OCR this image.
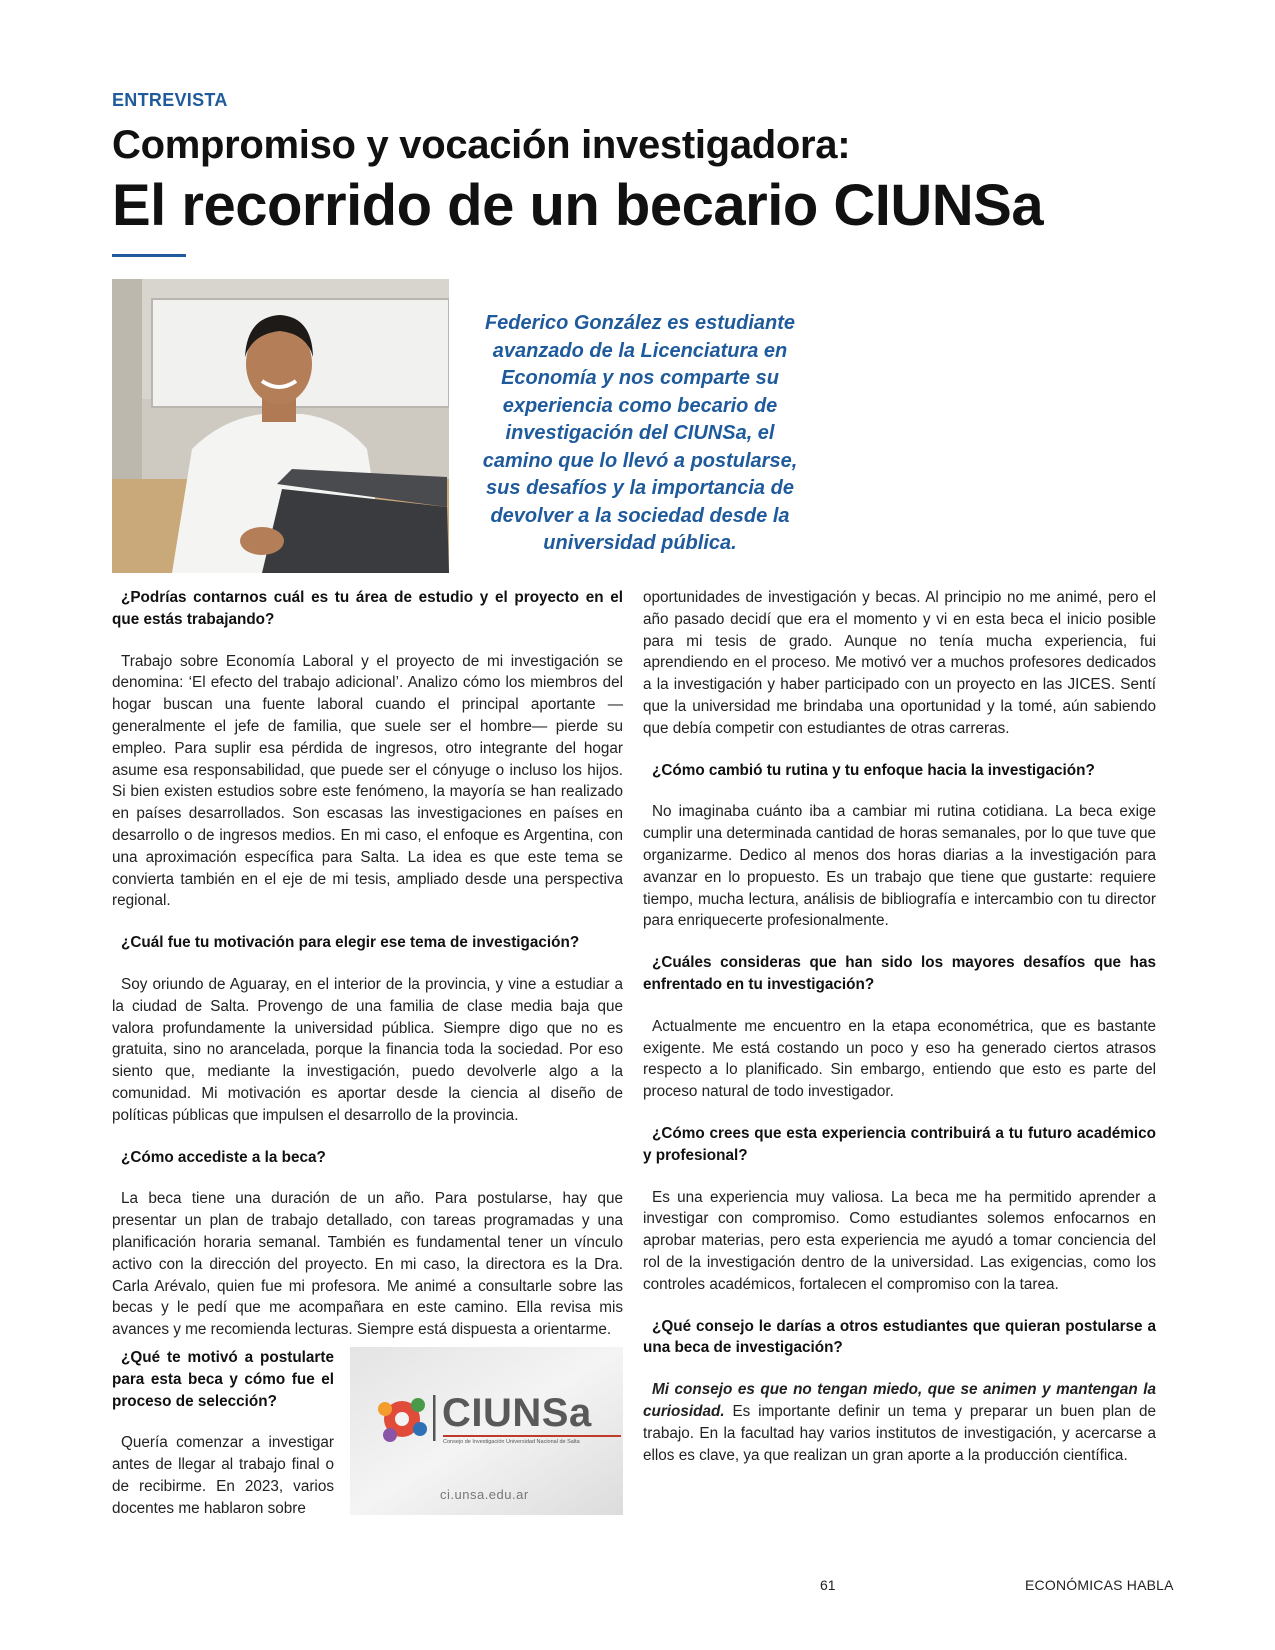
ENTREVISTA
Compromiso y vocación investigadora:
El recorrido de un becario CIUNSa
Federico González es estudiante avanzado de la Licenciatura en Economía y nos comparte su experiencia como becario de investigación del CIUNSa, el camino que lo llevó a postularse, sus desafíos y la importancia de devolver a la sociedad desde la universidad pública.

¿Podrías contarnos cuál es tu área de estudio y el proyecto en el que estás trabajando?

Trabajo sobre Economía Laboral y el proyecto de mi investigación se denomina: ‘El efecto del trabajo adicional’. Analizo cómo los miembros del hogar buscan una fuente laboral cuando el principal aportante —generalmente el jefe de familia, que suele ser el hombre— pierde su empleo. Para suplir esa pérdida de ingresos, otro integrante del hogar asume esa responsabilidad, que puede ser el cónyuge o incluso los hijos. Si bien existen estudios sobre este fenómeno, la mayoría se han realizado en países desarrollados. Son escasas las investigaciones en países en desarrollo o de ingresos medios. En mi caso, el enfoque es Argentina, con una aproximación específica para Salta. La idea es que este tema se convierta también en el eje de mi tesis, ampliado desde una perspectiva regional.

¿Cuál fue tu motivación para elegir ese tema de investigación?

Soy oriundo de Aguaray, en el interior de la provincia, y vine a estudiar a la ciudad de Salta. Provengo de una familia de clase media baja que valora profundamente la universidad pública. Siempre digo que no es gratuita, sino no arancelada, porque la financia toda la sociedad. Por eso siento que, mediante la investigación, puedo devolverle algo a la comunidad. Mi motivación es aportar desde la ciencia al diseño de políticas públicas que impulsen el desarrollo de la provincia.

¿Cómo accediste a la beca?

La beca tiene una duración de un año. Para postularse, hay que presentar un plan de trabajo detallado, con tareas programadas y una planificación horaria semanal. También es fundamental tener un vínculo activo con la dirección del proyecto. En mi caso, la directora es la Dra. Carla Arévalo, quien fue mi profesora. Me animé a consultarle sobre las becas y le pedí que me acompañara en este camino. Ella revisa mis avances y me recomienda lecturas. Siempre está dispuesta a orientarme.

¿Qué te motivó a postularte para esta beca y cómo fue el proceso de selección?

Quería comenzar a investigar antes de llegar al trabajo final o de recibirme. En 2023, varios docentes me hablaron sobre

CIUNSa
Consejo de Investigación Universidad Nacional de Salta
ci.unsa.edu.ar

oportunidades de investigación y becas. Al principio no me animé, pero el año pasado decidí que era el momento y vi en esta beca el inicio posible para mi tesis de grado. Aunque no tenía mucha experiencia, fui aprendiendo en el proceso. Me motivó ver a muchos profesores dedicados a la investigación y haber participado con un proyecto en las JICES. Sentí que la universidad me brindaba una oportunidad y la tomé, aún sabiendo que debía competir con estudiantes de otras carreras.

¿Cómo cambió tu rutina y tu enfoque hacia la investigación?

No imaginaba cuánto iba a cambiar mi rutina cotidiana. La beca exige cumplir una determinada cantidad de horas semanales, por lo que tuve que organizarme. Dedico al menos dos horas diarias a la investigación para avanzar en lo propuesto. Es un trabajo que tiene que gustarte: requiere tiempo, mucha lectura, análisis de bibliografía e intercambio con tu director para enriquecerte profesionalmente.

¿Cuáles consideras que han sido los mayores desafíos que has enfrentado en tu investigación?

Actualmente me encuentro en la etapa econométrica, que es bastante exigente. Me está costando un poco y eso ha generado ciertos atrasos respecto a lo planificado. Sin embargo, entiendo que esto es parte del proceso natural de todo investigador.

¿Cómo crees que esta experiencia contribuirá a tu futuro académico y profesional?

Es una experiencia muy valiosa. La beca me ha permitido aprender a investigar con compromiso. Como estudiantes solemos enfocarnos en aprobar materias, pero esta experiencia me ayudó a tomar conciencia del rol de la investigación dentro de la universidad. Las exigencias, como los controles académicos, fortalecen el compromiso con la tarea.

¿Qué consejo le darías a otros estudiantes que quieran postularse a una beca de investigación?

Mi consejo es que no tengan miedo, que se animen y mantengan la curiosidad. Es importante definir un tema y preparar un buen plan de trabajo. En la facultad hay varios institutos de investigación, y acercarse a ellos es clave, ya que realizan un gran aporte a la producción científica.

61	ECONÓMICAS HABLA
